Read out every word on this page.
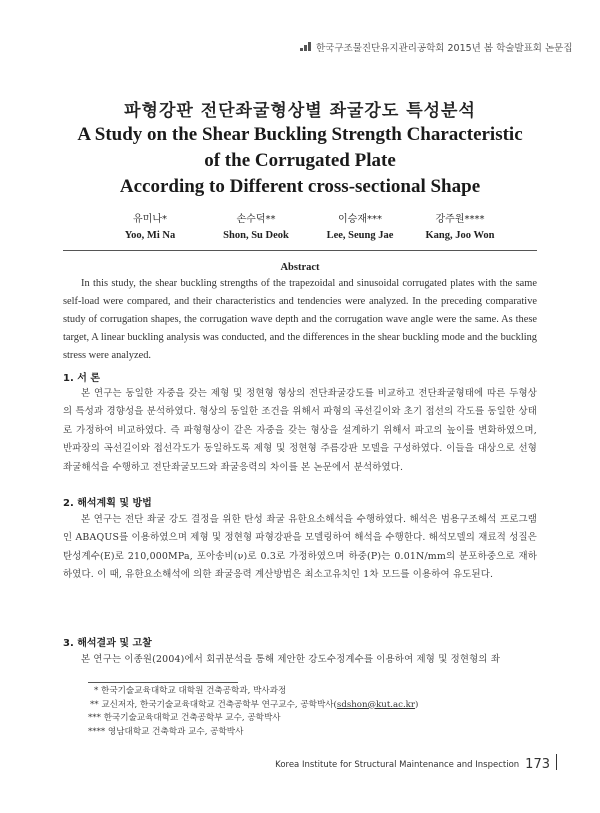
한국구조물진단유지관리공학회 2015년 봄 학술발표회 논문집
파형강판 전단좌굴형상별 좌굴강도 특성분석
A Study on the Shear Buckling Strength Characteristic
of the Corrugated Plate
According to Different cross-sectional Shape
유미나*
Yoo, Mi Na
손수덕**
Shon, Su Deok
이승재***
Lee, Seung Jae
강주원****
Kang, Joo Won
Abstract
In this study, the shear buckling strengths of the trapezoidal and sinusoidal corrugated plates with the same self-load were compared, and their characteristics and tendencies were analyzed. In the preceding comparative study of corrugation shapes, the corrugation wave depth and the corrugation wave angle were the same. As these target, A linear buckling analysis was conducted, and the differences in the shear buckling mode and the buckling stress were analyzed.
1. 서 론
본 연구는 동일한 자중을 갖는 제형 및 정현형 형상의 전단좌굴강도를 비교하고 전단좌굴형태에 따른 두형상의 특성과 경향성을 분석하였다. 형상의 동일한 조건을 위해서 파형의 곡선길이와 초기 접선의 각도를 동일한 상태로 가정하여 비교하였다. 즉 파형형상이 같은 자중을 갖는 형상을 설계하기 위해서 파고의 높이를 변화하였으며, 반파장의 곡선길이와 접선각도가 동일하도록 제형 및 정현형 주름강판 모델을 구성하였다. 이들을 대상으로 선형좌굴해석을 수행하고 전단좌굴모드와 좌굴응력의 차이를 본 논문에서 분석하였다.
2. 해석계획 및 방법
본 연구는 전단 좌굴 강도 결정을 위한 탄성 좌굴 유한요소해석을 수행하였다. 해석은 범용구조해석 프로그램인 ABAQUS를 이용하였으며 제형 및 정현형 파형강판을 모델링하여 해석을 수행한다. 해석모델의 재료적 성질은 탄성계수(E)로 210,000MPa, 포아송비(ν)로 0.3로 가정하였으며 하중(P)는 0.01N/mm의 분포하중으로 재하 하였다. 이 때, 유한요소해석에 의한 좌굴응력 계산방법은 최소고유치인 1차 모드를 이용하여 유도된다.
3. 해석결과 및 고찰
본 연구는 이종원(2004)에서 회귀분석을 통해 제안한 강도수정계수를 이용하여 제형 및 정현형의 좌
* 한국기술교육대학교 대학원 건축공학과, 박사과정
** 교신저자, 한국기술교육대학교 건축공학부 연구교수, 공학박사(sdshon@kut.ac.kr)
*** 한국기술교육대학교 건축공학부 교수, 공학박사
**** 영남대학교 건축학과 교수, 공학박사
Korea Institute for Structural Maintenance and Inspection 173
